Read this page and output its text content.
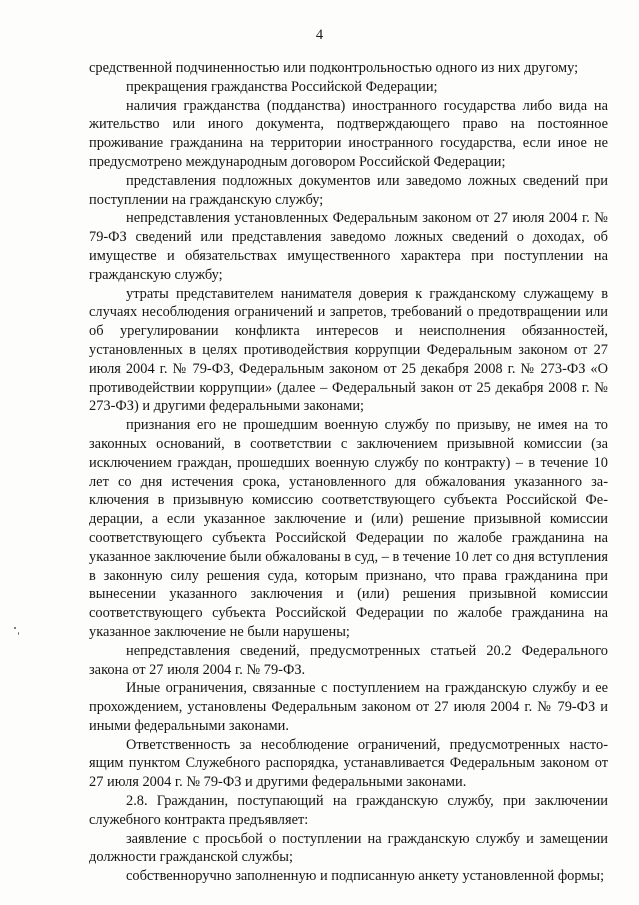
4

средственной подчиненностью или подконтрольностью одного из них другому;

прекращения гражданства Российской Федерации;

наличия гражданства (подданства) иностранного государства либо вида на жительство или иного документа, подтверждающего право на постоянное проживание гражданина на территории иностранного государства, если иное не предусмотрено международным договором Российской Федерации;

представления подложных документов или заведомо ложных сведений при поступлении на гражданскую службу;

непредставления установленных Федеральным законом от 27 июля 2004 г. № 79-ФЗ сведений или представления заведомо ложных сведений о доходах, об имуществе и обязательствах имущественного характера при поступлении на гражданскую службу;

утраты представителем нанимателя доверия к гражданскому служащему в случаях несоблюдения ограничений и запретов, требований о предотвращении или об урегулировании конфликта интересов и неисполнения обязанностей, установленных в целях противодействия коррупции Федеральным законом от 27 июля 2004 г. № 79-ФЗ, Федеральным законом от 25 декабря 2008 г. № 273-ФЗ «О противодействии коррупции» (далее – Федеральный закон от 25 декабря 2008 г. № 273-ФЗ) и другими федеральными законами;

признания его не прошедшим военную службу по призыву, не имея на то законных оснований, в соответствии с заключением призывной комиссии (за исключением граждан, прошедших военную службу по контракту) – в течение 10 лет со дня истечения срока, установленного для обжалования указанного заключения в призывную комиссию соответствующего субъекта Российской Федерации, а если указанное заключение и (или) решение призывной комиссии соответствующего субъекта Российской Федерации по жалобе гражданина на указанное заключение были обжалованы в суд, – в течение 10 лет со дня вступления в законную силу решения суда, которым признано, что права гражданина при вынесении указанного заключения и (или) решения призывной комиссии соответствующего субъекта Российской Федерации по жалобе гражданина на указанное заключение не были нарушены;

непредставления сведений, предусмотренных статьей 20.2 Федерального закона от 27 июля 2004 г. № 79-ФЗ.

Иные ограничения, связанные с поступлением на гражданскую службу и ее прохождением, установлены Федеральным законом от 27 июля 2004 г. № 79-ФЗ и иными федеральными законами.

Ответственность за несоблюдение ограничений, предусмотренных настоящим пунктом Служебного распорядка, устанавливается Федеральным законом от 27 июля 2004 г. № 79-ФЗ и другими федеральными законами.

2.8. Гражданин, поступающий на гражданскую службу, при заключении служебного контракта предъявляет:

заявление с просьбой о поступлении на гражданскую службу и замещении должности гражданской службы;

собственноручно заполненную и подписанную анкету установленной формы;
